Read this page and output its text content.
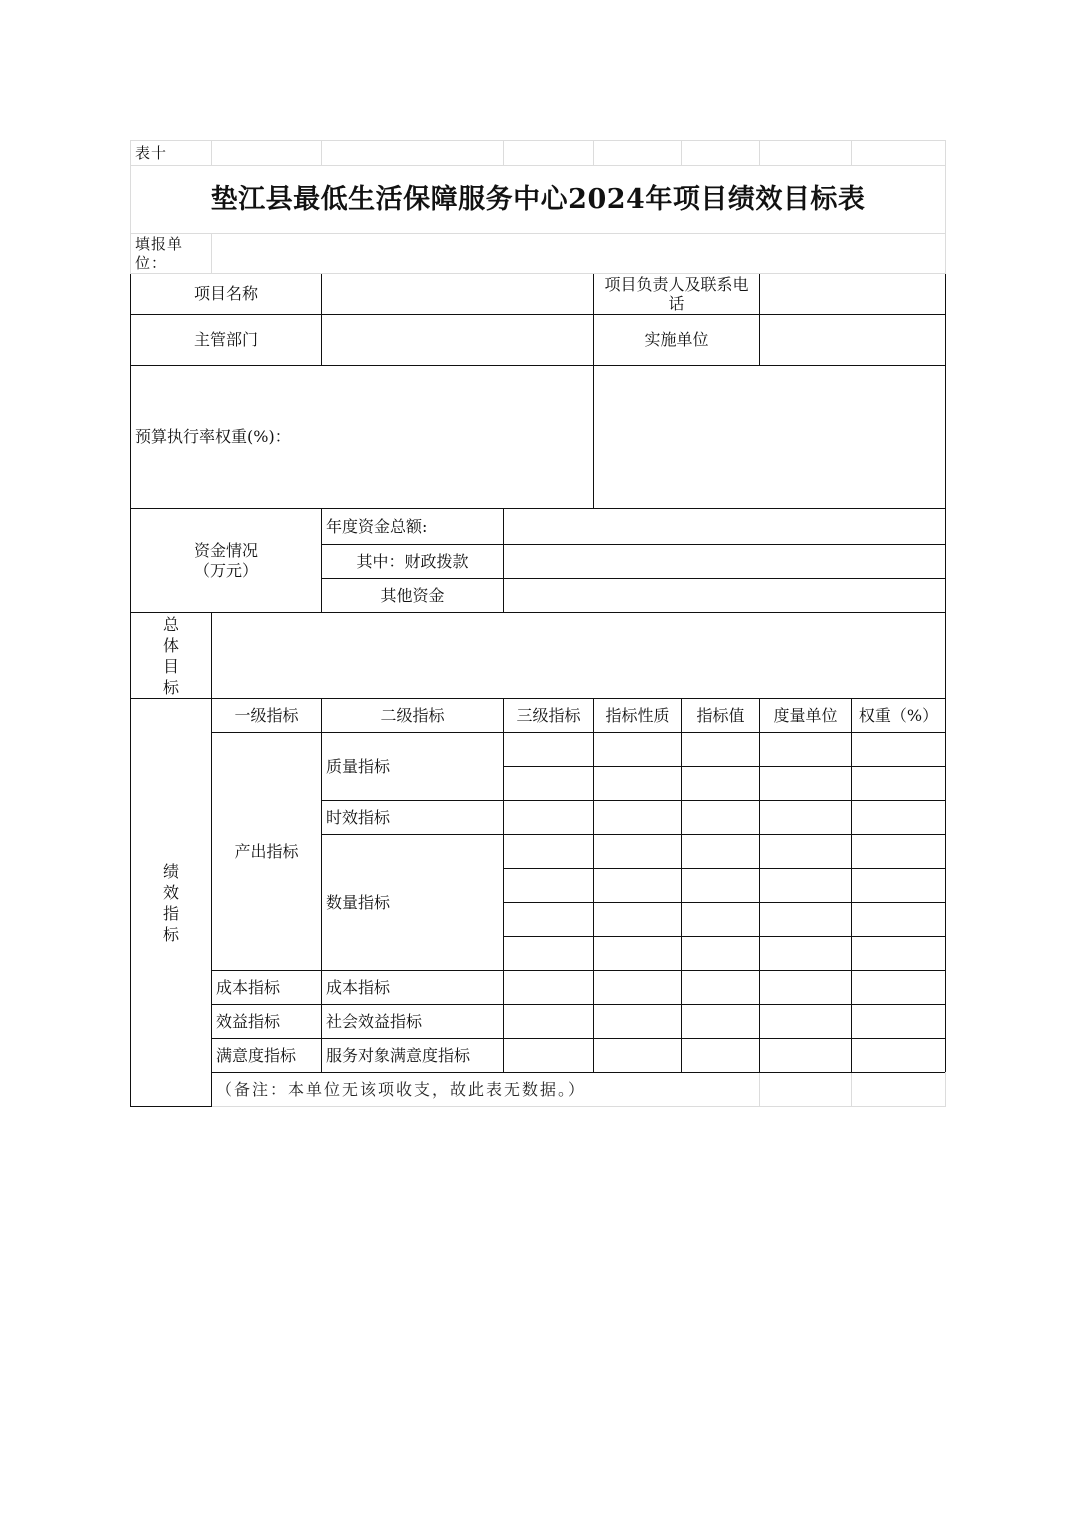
表十								
垫江县最低生活保障服务中心2024年项目绩效目标表								
填报单位：								
项目名称				项目负责人及联系电话				
主管部门				实施单位				
预算执行率权重(%)：								

资金情况
（万元）		年度资金总额:						
		其中：财政拨款						
		其他资金						

总
体
目
标								

绩
效
指
标	一级指标	二级指标	三级指标	指标性质	指标值	度量单位	权重（%）	
	产出指标	质量指标						

		时效指标						
		数量指标						

	成本指标	成本指标						
	效益指标	社会效益指标						
	满意度指标	服务对象满意度指标						
	（备注：本单位无该项收支，故此表无数据。）							
